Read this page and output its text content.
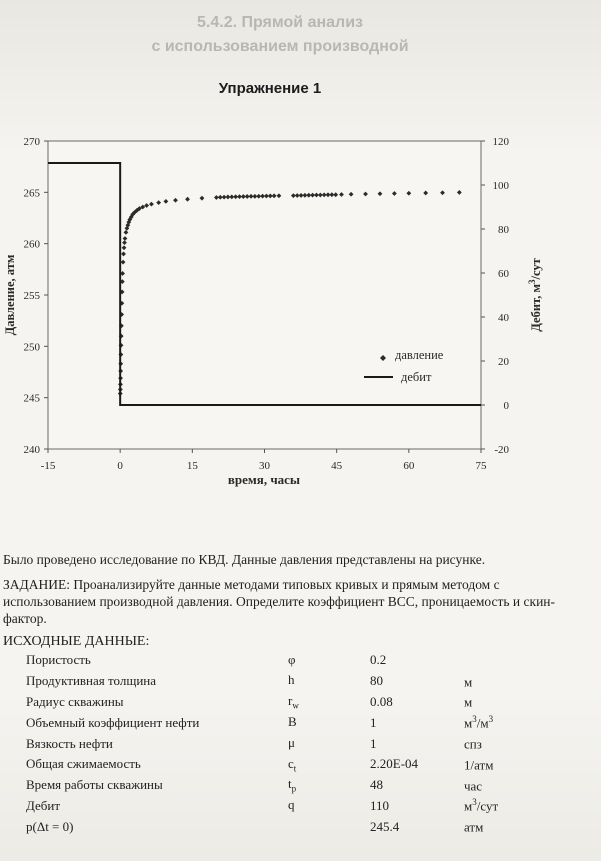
5.4.2. Прямой анализ
с использованием производной
Упражнение 1
-15	0	15	30	45	60	75
240
245
250
255
260
265
270
-20
0
20
40
60
80
100
120
время, часы
Давление, атм	Дебит, $м^3$/сут
давление
дебит
Было проведено исследование по КВД. Данные давления представлены на рисунке.
ЗАДАНИЕ: Проанализируйте данные методами типовых кривых и прямым методом с использованием производной давления. Определите коэффициент ВСС, проницаемость и скин-фактор.
ИСХОДНЫЕ ДАННЫЕ:
Пористость	φ	0.2	
Продуктивная толщина	h	80	м
Радиус скважины	$r_w$	0.08	м
Объемный коэффициент нефти	B	1	$м^3/м^3$
Вязкость нефти	μ	1	спз
Общая сжимаемость	$c_t$	2.20E-04	1/атм
Время работы скважины	$t_p$	48	час
Дебит	q	110	$м^3$/сут
p(Δt = 0)		245.4	атм
